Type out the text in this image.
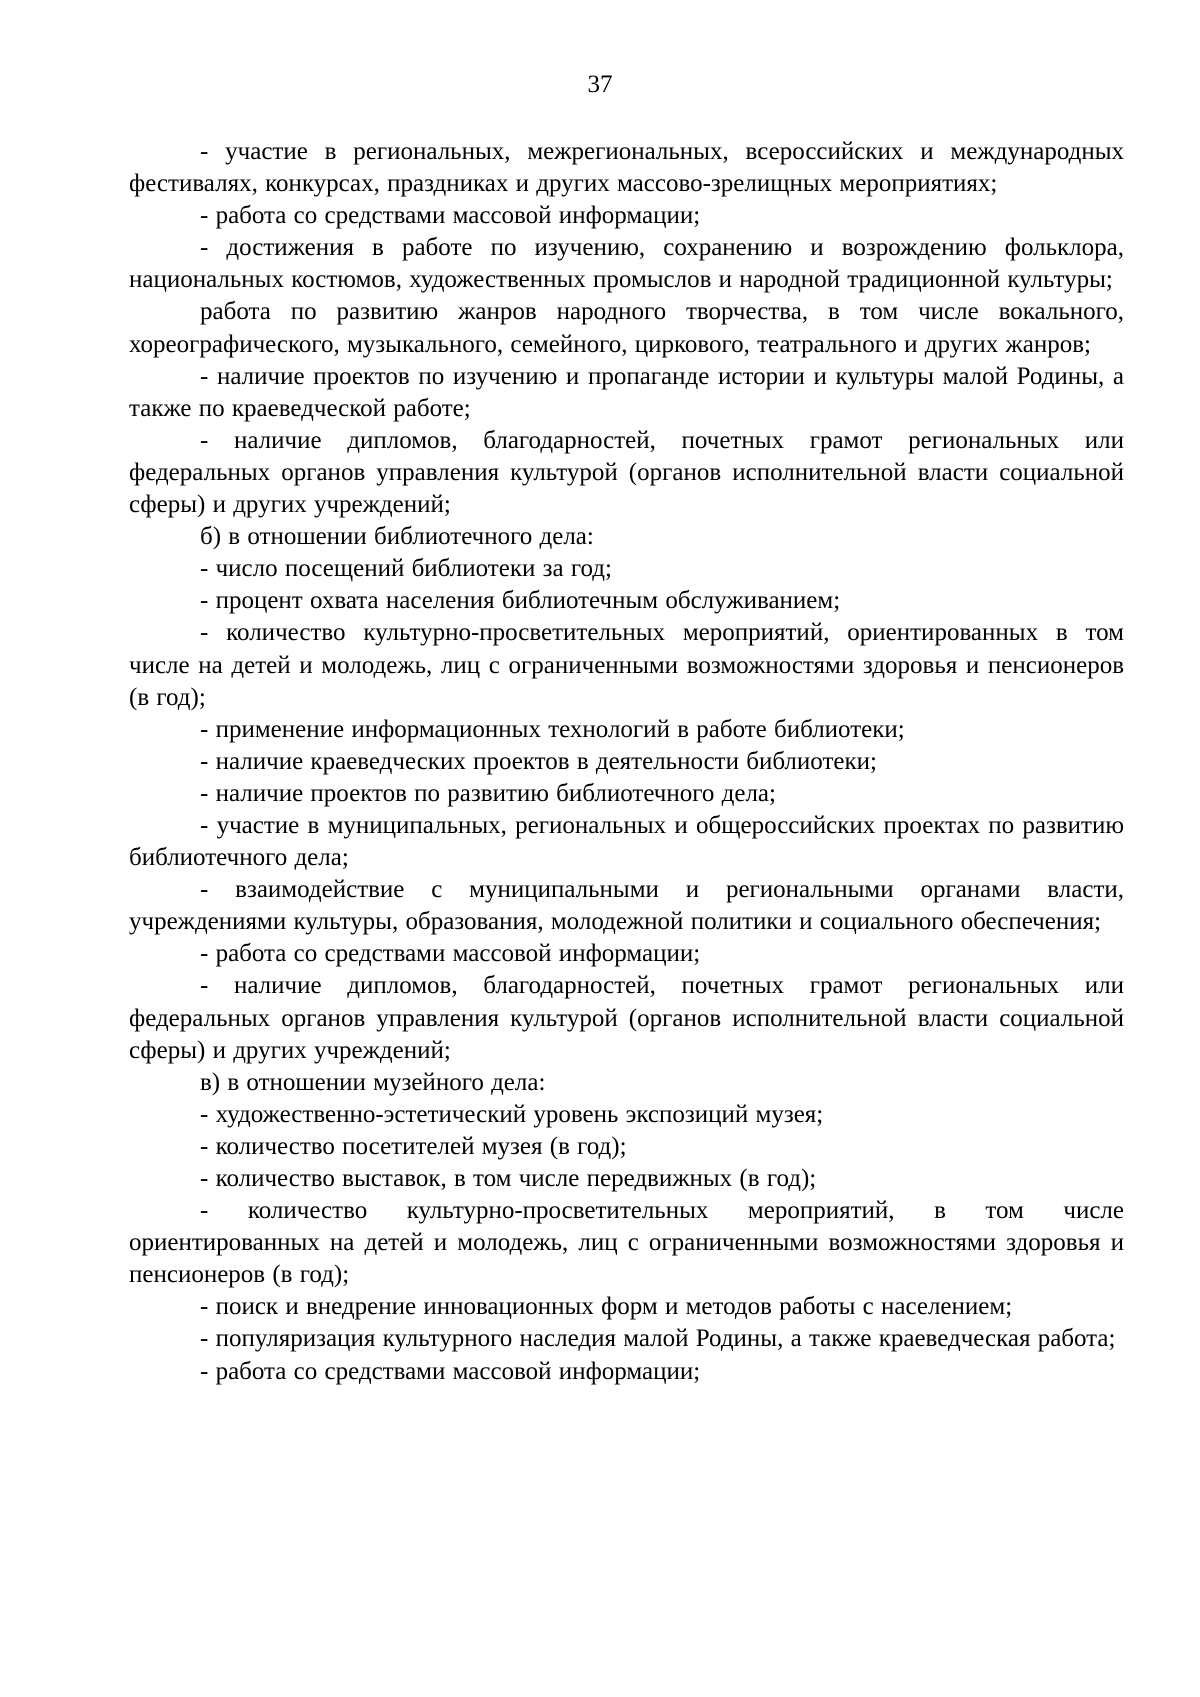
37

- участие в региональных, межрегиональных, всероссийских и международных фестивалях, конкурсах, праздниках и других массово-зрелищных мероприятиях;

- работа со средствами массовой информации;

- достижения в работе по изучению, сохранению и возрождению фольклора, национальных костюмов, художественных промыслов и народной традиционной культуры;

работа по развитию жанров народного творчества, в том числе вокального, хореографического, музыкального, семейного, циркового, театрального и других жанров;

- наличие проектов по изучению и пропаганде истории и культуры малой Родины, а также по краеведческой работе;

- наличие дипломов, благодарностей, почетных грамот региональных или федеральных органов управления культурой (органов исполнительной власти социальной сферы) и других учреждений;

б) в отношении библиотечного дела:

- число посещений библиотеки за год;

- процент охвата населения библиотечным обслуживанием;

- количество культурно-просветительных мероприятий, ориентированных в том числе на детей и молодежь, лиц с ограниченными возможностями здоровья и пенсионеров (в год);

- применение информационных технологий в работе библиотеки;

- наличие краеведческих проектов в деятельности библиотеки;

- наличие проектов по развитию библиотечного дела;

- участие в муниципальных, региональных и общероссийских проектах по развитию библиотечного дела;

- взаимодействие с муниципальными и региональными органами власти, учреждениями культуры, образования, молодежной политики и социального обеспечения;

- работа со средствами массовой информации;

- наличие дипломов, благодарностей, почетных грамот региональных или федеральных органов управления культурой (органов исполнительной власти социальной сферы) и других учреждений;

в) в отношении музейного дела:

- художественно-эстетический уровень экспозиций музея;

- количество посетителей музея (в год);

- количество выставок, в том числе передвижных (в год);

- количество культурно-просветительных мероприятий, в том числе ориентированных на детей и молодежь, лиц с ограниченными возможностями здоровья и пенсионеров (в год);

- поиск и внедрение инновационных форм и методов работы с населением;

- популяризация культурного наследия малой Родины, а также краеведческая работа;

- работа со средствами массовой информации;
